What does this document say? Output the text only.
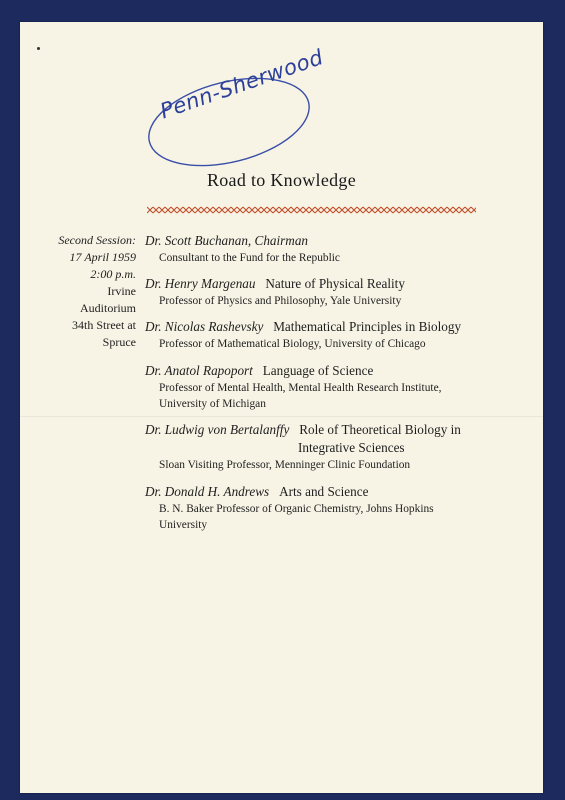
Penn-Sherwood
Road to Knowledge
Second Session:
17 April 1959
2:00 p.m.
Irvine
Auditorium
34th Street at
Spruce
Dr. Scott Buchanan, Chairman
Consultant to the Fund for the Republic
Dr. Henry Margenau Nature of Physical Reality
Professor of Physics and Philosophy, Yale University
Dr. Nicolas Rashevsky Mathematical Principles in Biology
Professor of Mathematical Biology, University of Chicago
Dr. Anatol Rapoport Language of Science
Professor of Mental Health, Mental Health Research Institute,
University of Michigan
Dr. Ludwig von Bertalanffy Role of Theoretical Biology in
Integrative Sciences
Sloan Visiting Professor, Menninger Clinic Foundation
Dr. Donald H. Andrews Arts and Science
B. N. Baker Professor of Organic Chemistry, Johns Hopkins
University
